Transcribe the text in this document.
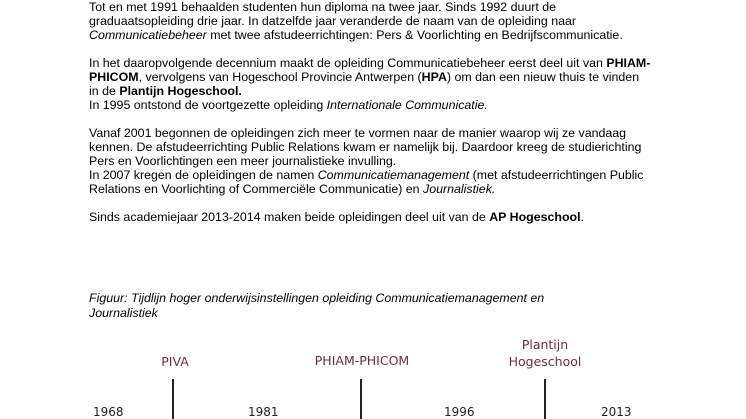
Tot en met 1991 behaalden studenten hun diploma na twee jaar. Sinds 1992 duurt de
graduaatsopleiding drie jaar. In datzelfde jaar veranderde de naam van de opleiding naar
Communicatiebeheer met twee afstudeerrichtingen: Pers & Voorlichting en Bedrijfscommunicatie.
In het daaropvolgende decennium maakt de opleiding Communicatiebeheer eerst deel uit van PHIAM-
PHICOM, vervolgens van Hogeschool Provincie Antwerpen (HPA) om dan een nieuw thuis te vinden
in de Plantijn Hogeschool.
In 1995 ontstond de voortgezette opleiding Internationale Communicatie.
Vanaf 2001 begonnen de opleidingen zich meer te vormen naar de manier waarop wij ze vandaag
kennen. De afstudeerrichting Public Relations kwam er namelijk bij. Daardoor kreeg de studierichting
Pers en Voorlichtingen een meer journalistieke invulling.
In 2007 kregen de opleidingen de namen Communicatiemanagement (met afstudeerrichtingen Public
Relations en Voorlichting of Commerciële Communicatie) en Journalistiek.
Sinds academiejaar 2013-2014 maken beide opleidingen deel uit van de AP Hogeschool.
Figuur: Tijdlijn hoger onderwijsinstellingen opleiding Communicatiemanagement en
Journalistiek
PIVA	PHIAM-PHICOM
Plantijn
Hogeschool
1968	1981	1996	2013
